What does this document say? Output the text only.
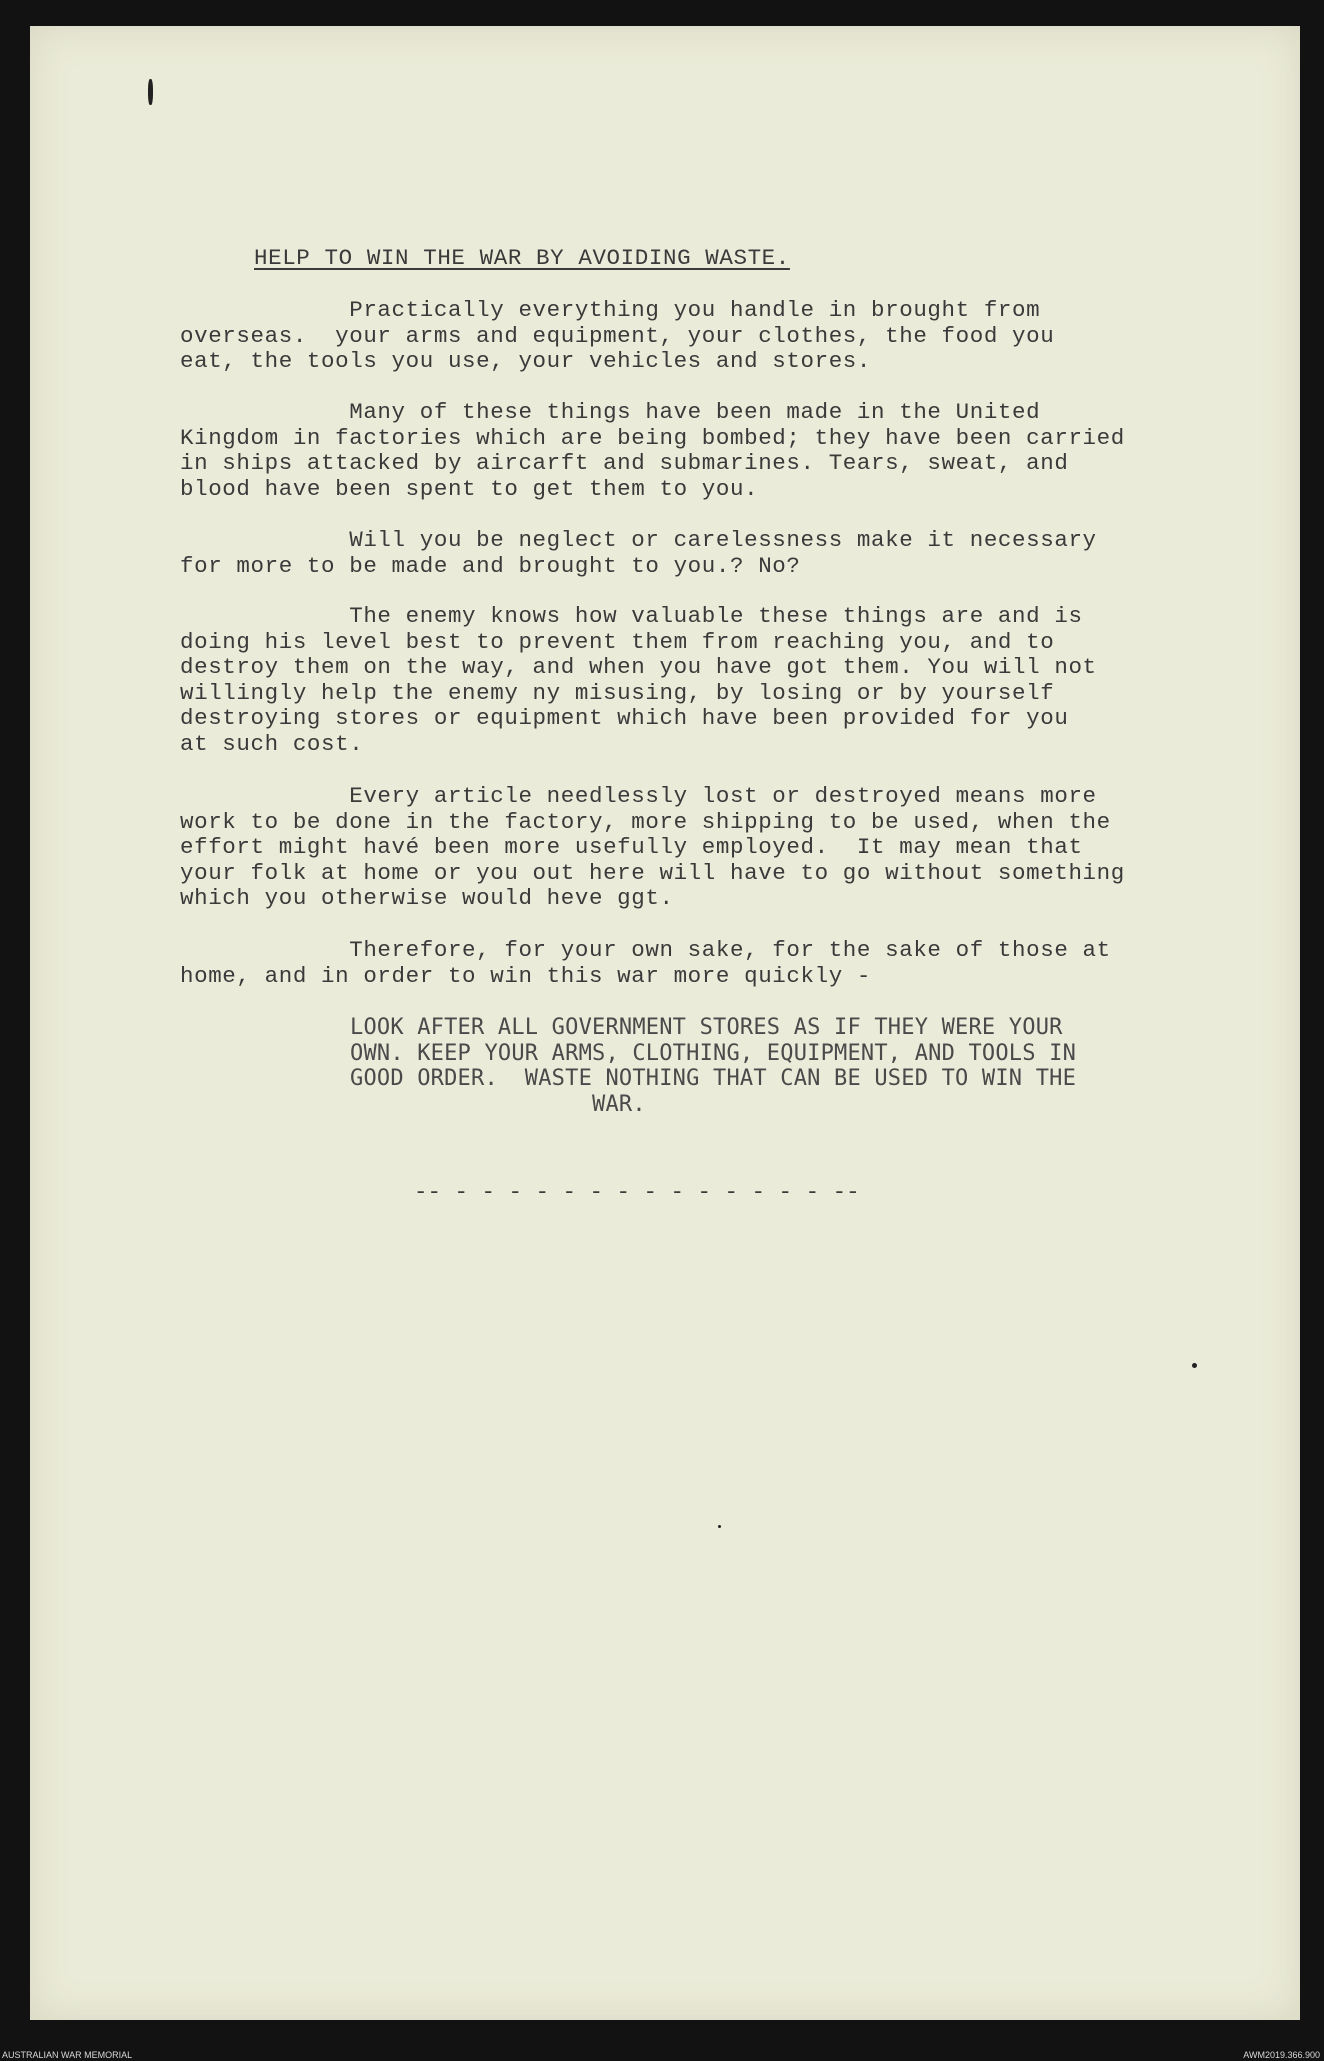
HELP TO WIN THE WAR BY AVOIDING WASTE.

Practically everything you handle in brought from
overseas.  your arms and equipment, your clothes, the food you
eat, the tools you use, your vehicles and stores.

Many of these things have been made in the United
Kingdom in factories which are being bombed; they have been carried
in ships attacked by aircarft and submarines. Tears, sweat, and
blood have been spent to get them to you.

Will you be neglect or carelessness make it necessary
for more to be made and brought to you.? No?

The enemy knows how valuable these things are and is
doing his level best to prevent them from reaching you, and to
destroy them on the way, and when you have got them. You will not
willingly help the enemy ny misusing, by losing or by yourself
destroying stores or equipment which have been provided for you
at such cost.

Every article needlessly lost or destroyed means more
work to be done in the factory, more shipping to be used, when the
effort might havé been more usefully employed.  It may mean that
your folk at home or you out here will have to go without something
which you otherwise would heve ggt.

Therefore, for your own sake, for the sake of those at
home, and in order to win this war more quickly -

LOOK AFTER ALL GOVERNMENT STORES AS IF THEY WERE YOUR
OWN. KEEP YOUR ARMS, CLOTHING, EQUIPMENT, AND TOOLS IN
GOOD ORDER.  WASTE NOTHING THAT CAN BE USED TO WIN THE
WAR.

-- - - - - - - - - - - - - - - --

AUSTRALIAN WAR MEMORIAL	AWM2019.366.900
